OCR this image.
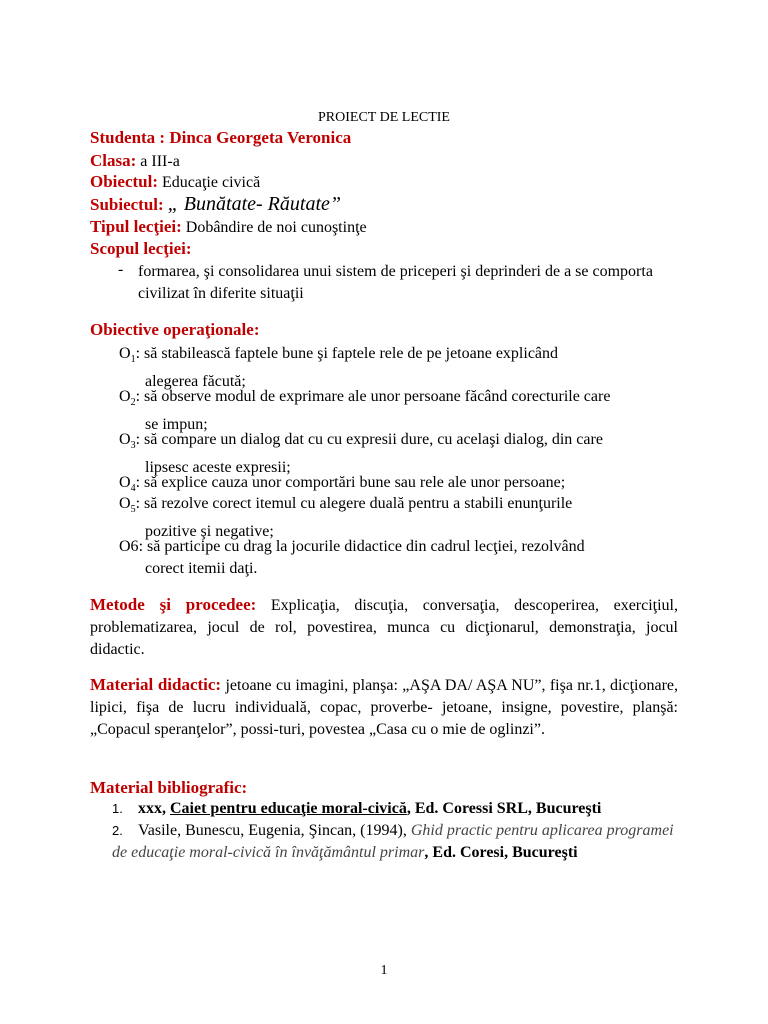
PROIECT DE LECTIE
Studenta : Dinca Georgeta Veronica
Clasa: a III-a
Obiectul: Educaţie civică
Subiectul: „ Bunătate- Răutate”
Tipul lecţiei: Dobândire de noi cunoştinţe
Scopul lecţiei:
- formarea, şi consolidarea unui sistem de priceperi şi deprinderi de a se comporta civilizat în diferite situaţii
Obiective operaţionale:
$O_1$: să stabilească faptele bune şi faptele rele de pe jetoane explicând
alegerea făcută;
$O_2$: să observe modul de exprimare ale unor persoane făcând corecturile care
se impun;
$O_3$: să compare un dialog dat cu cu expresii dure, cu acelaşi dialog, din care
lipsesc aceste expresii;
$O_4$: să explice cauza unor comportări bune sau rele ale unor persoane;
$O_5$: să rezolve corect itemul cu alegere duală pentru a stabili enunţurile
pozitive şi negative;
O6: să participe cu drag la jocurile didactice din cadrul lecţiei, rezolvând
corect itemii daţi.
Metode şi procedee: Explicaţia, discuţia, conversaţia, descoperirea, exerciţiul, problematizarea, jocul de rol, povestirea, munca cu dicţionarul, demonstraţia, jocul didactic.
Material didactic: jetoane cu imagini, planşa: „AŞA DA/ AŞA NU”, fişa nr.1, dicţionare, lipici, fişa de lucru individuală, copac, proverbe- jetoane, insigne, povestire, planşă:„Copacul speranţelor”, possi-turi, povestea „Casa cu o mie de oglinzi”.
Material bibliografic:
1. xxx, Caiet pentru educaţie moral-civică, Ed. Coressi SRL, Bucureşti
2. Vasile, Bunescu, Eugenia, Şincan, (1994), Ghid practic pentru aplicarea programei de educaţie moral-civică în învăţământul primar, Ed. Coresi, Bucureşti
1
